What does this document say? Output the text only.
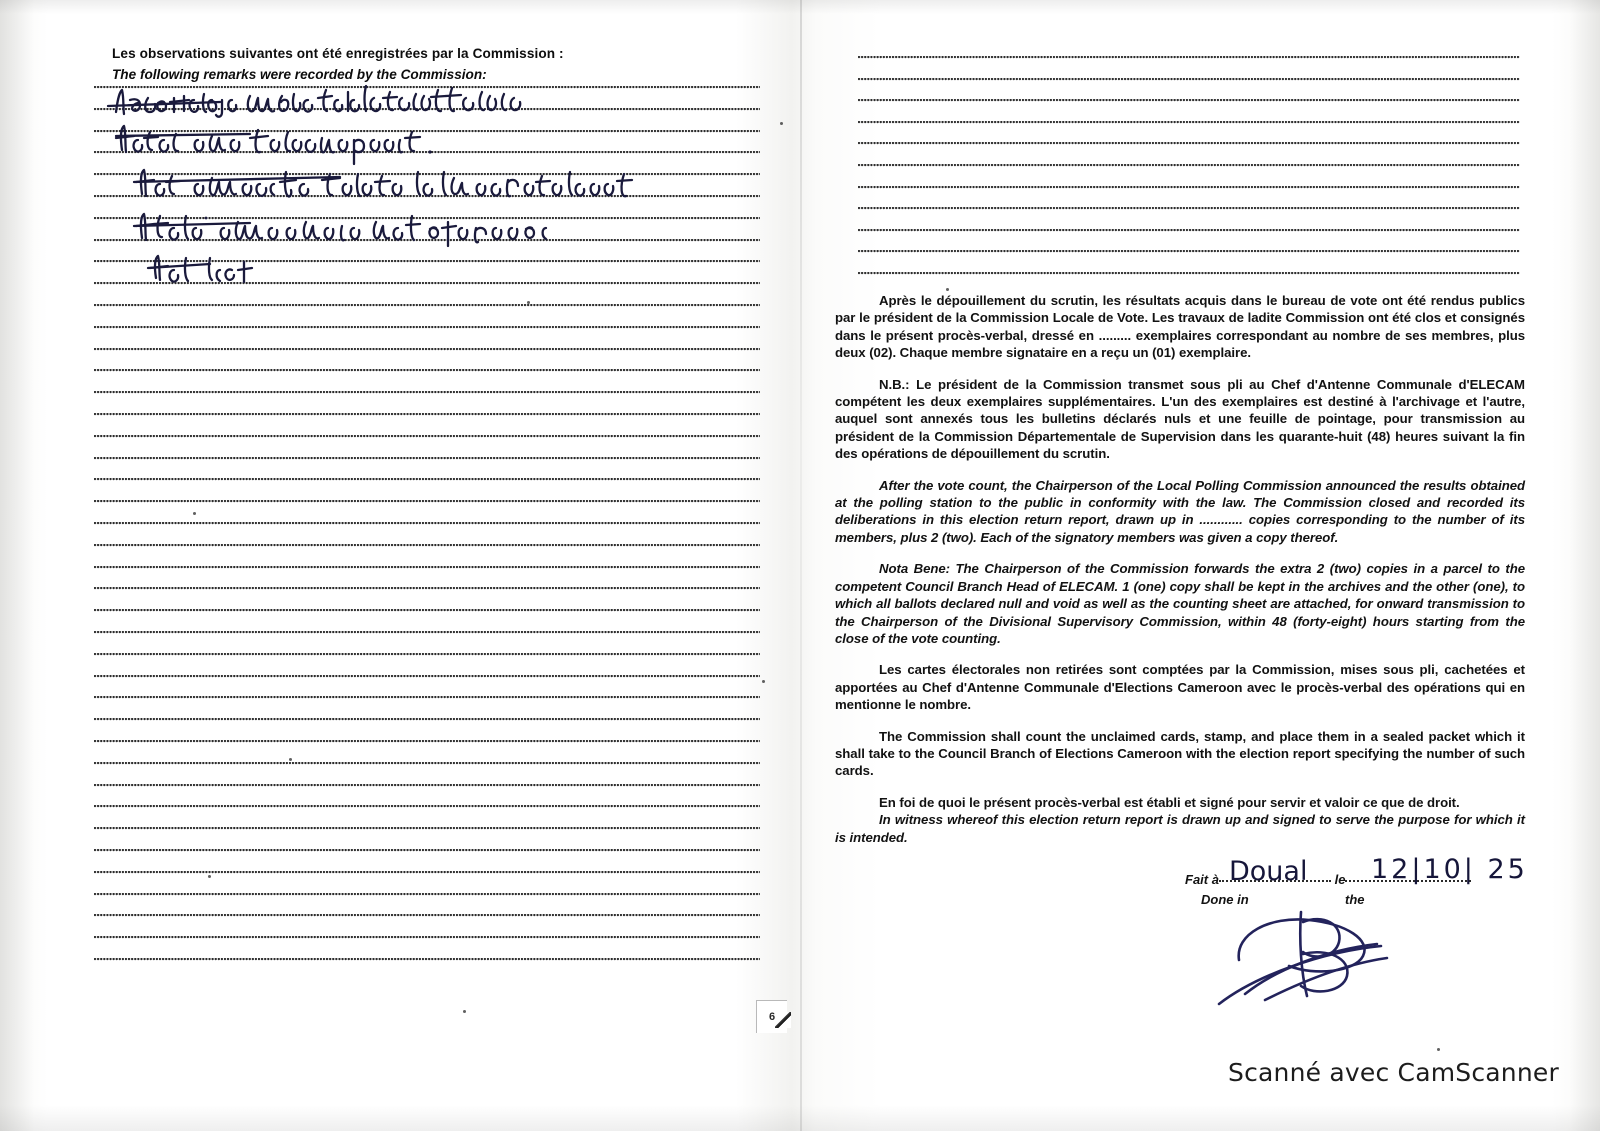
Les observations suivantes ont été enregistrées par la Commission :
The following remarks were recorded by the Commission:
6

Après le dépouillement du scrutin, les résultats acquis dans le bureau de vote ont été rendus publics par le président de la Commission Locale de Vote. Les travaux de ladite Commission ont été clos et consignés dans le présent procès-verbal, dressé en ......... exemplaires correspondant au nombre de ses membres, plus deux (02). Chaque membre signataire en a reçu un (01) exemplaire.

N.B.: Le président de la Commission transmet sous pli au Chef d'Antenne Communale d'ELECAM compétent les deux exemplaires supplémentaires. L'un des exemplaires est destiné à l'archivage et l'autre, auquel sont annexés tous les bulletins déclarés nuls et une feuille de pointage, pour transmission au président de la Commission Départementale de Supervision dans les quarante-huit (48) heures suivant la fin des opérations de dépouillement du scrutin.

After the vote count, the Chairperson of the Local Polling Commission announced the results obtained at the polling station to the public in conformity with the law. The Commission closed and recorded its deliberations in this election return report, drawn up in ............ copies corresponding to the number of its members, plus 2 (two). Each of the signatory members was given a copy thereof.

Nota Bene: The Chairperson of the Commission forwards the extra 2 (two) copies in a parcel to the competent Council Branch Head of ELECAM. 1 (one) copy shall be kept in the archives and the other (one), to which all ballots declared null and void as well as the counting sheet are attached, for onward transmission to the Chairperson of the Divisional Supervisory Commission, within 48 (forty-eight) hours starting from the close of the vote counting.

Les cartes électorales non retirées sont comptées par la Commission, mises sous pli, cachetées et apportées au Chef d'Antenne Communale d'Elections Cameroon avec le procès-verbal des opérations qui en mentionne le nombre.

The Commission shall count the unclaimed cards, stamp, and place them in a sealed packet which it shall take to the Council Branch of Elections Cameroon with the election report specifying the number of such cards.

En foi de quoi le présent procès-verbal est établi et signé pour servir et valoir ce que de droit.

In witness whereof this election return report is drawn up and signed to serve the purpose for which it is intended.

Fait à	le
Done in	the
Doual 12|10| 25
Scanné avec CamScanner
